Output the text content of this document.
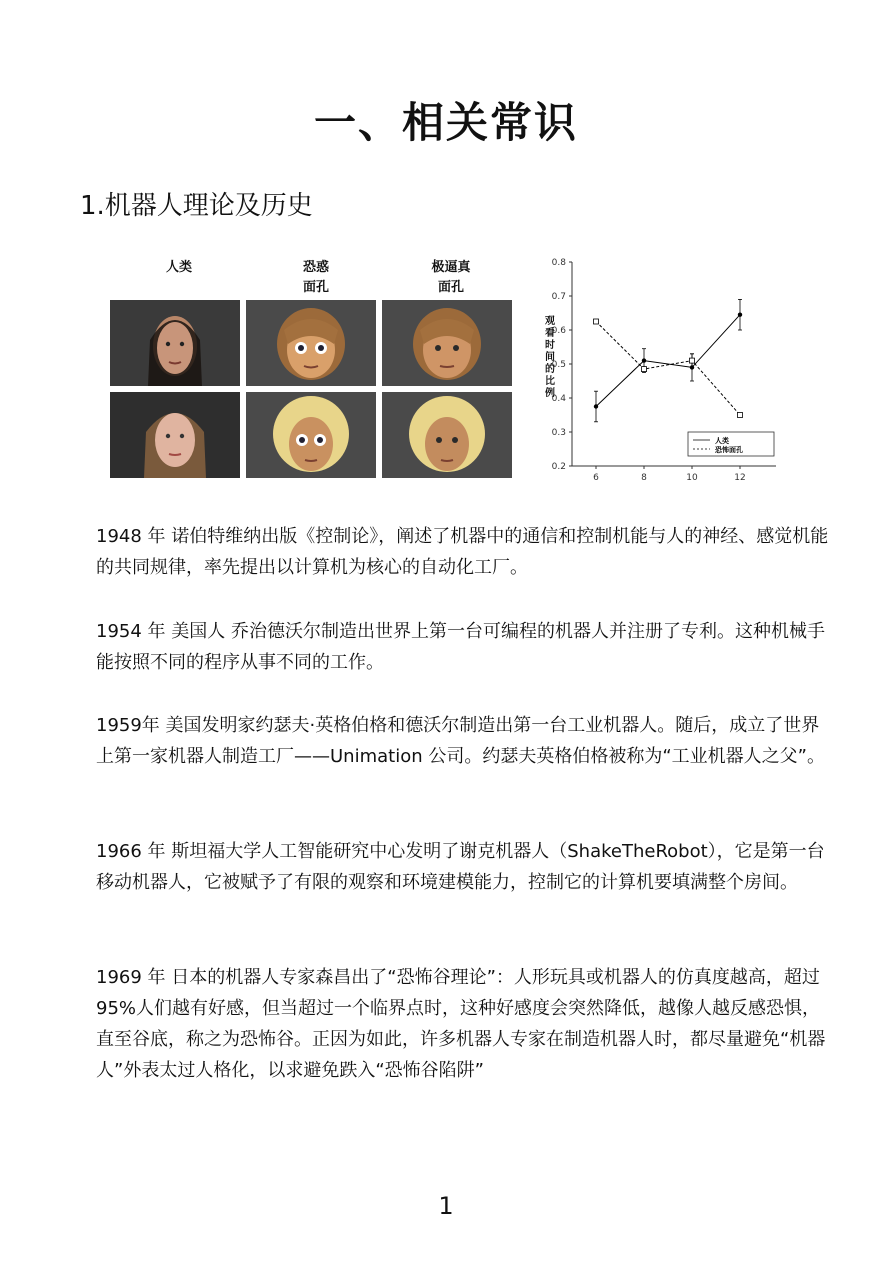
一、相关常识
1.机器人理论及历史
人类	恐惑
面孔
极逼真
面孔
0.8
0.7
0.6
0.5
0.4
0.3
0.2
6	8	10	12
观看时间的比例
人类
恐怖面孔

1948 年 诺伯特维纳出版《控制论》，阐述了机器中的通信和控制机能与人的神经、感觉机能的共同规律，率先提出以计算机为核心的自动化工厂。

1954 年 美国人 乔治德沃尔制造出世界上第一台可编程的机器人并注册了专利。这种机械手能按照不同的程序从事不同的工作。

1959年 美国发明家约瑟夫·英格伯格和德沃尔制造出第一台工业机器人。随后，成立了世界上第一家机器人制造工厂——Unimation 公司。约瑟夫英格伯格被称为“工业机器人之父”。

1966 年 斯坦福大学人工智能研究中心发明了谢克机器人（ShakeTheRobot），它是第一台移动机器人，它被赋予了有限的观察和环境建模能力，控制它的计算机要填满整个房间。

1969 年 日本的机器人专家森昌出了“恐怖谷理论”：人形玩具或机器人的仿真度越高，超过 95%人们越有好感，但当超过一个临界点时，这种好感度会突然降低，越像人越反感恐惧，直至谷底，称之为恐怖谷。正因为如此，许多机器人专家在制造机器人时，都尽量避免“机器人”外表太过人格化，以求避免跌入“恐怖谷陷阱”

1
